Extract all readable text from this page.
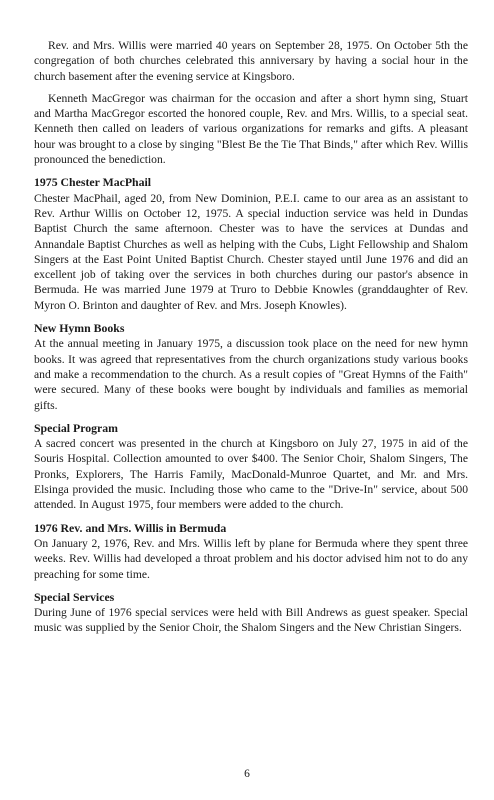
Rev. and Mrs. Willis were married 40 years on September 28, 1975. On October 5th the congregation of both churches celebrated this anniversary by having a social hour in the church basement after the evening service at Kingsboro.

Kenneth MacGregor was chairman for the occasion and after a short hymn sing, Stuart and Martha MacGregor escorted the honored couple, Rev. and Mrs. Willis, to a special seat. Kenneth then called on leaders of various organizations for remarks and gifts. A pleasant hour was brought to a close by singing "Blest Be the Tie That Binds," after which Rev. Willis pronounced the benediction.

1975 Chester MacPhail

Chester MacPhail, aged 20, from New Dominion, P.E.I. came to our area as an assistant to Rev. Arthur Willis on October 12, 1975. A special induction service was held in Dundas Baptist Church the same afternoon. Chester was to have the services at Dundas and Annandale Baptist Churches as well as helping with the Cubs, Light Fellowship and Shalom Singers at the East Point United Baptist Church. Chester stayed until June 1976 and did an excellent job of taking over the services in both churches during our pastor's absence in Bermuda. He was married June 1979 at Truro to Debbie Knowles (granddaughter of Rev. Myron O. Brinton and daughter of Rev. and Mrs. Joseph Knowles).

New Hymn Books

At the annual meeting in January 1975, a discussion took place on the need for new hymn books. It was agreed that representatives from the church organizations study various books and make a recommendation to the church. As a result copies of "Great Hymns of the Faith" were secured. Many of these books were bought by individuals and families as memorial gifts.

Special Program

A sacred concert was presented in the church at Kingsboro on July 27, 1975 in aid of the Souris Hospital. Collection amounted to over $400. The Senior Choir, Shalom Singers, The Pronks, Explorers, The Harris Family, MacDonald-Munroe Quartet, and Mr. and Mrs. Elsinga provided the music. Including those who came to the "Drive-In" service, about 500 attended. In August 1975, four members were added to the church.

1976 Rev. and Mrs. Willis in Bermuda

On January 2, 1976, Rev. and Mrs. Willis left by plane for Bermuda where they spent three weeks. Rev. Willis had developed a throat problem and his doctor advised him not to do any preaching for some time.

Special Services

During June of 1976 special services were held with Bill Andrews as guest speaker. Special music was supplied by the Senior Choir, the Shalom Singers and the New Christian Singers.

6
